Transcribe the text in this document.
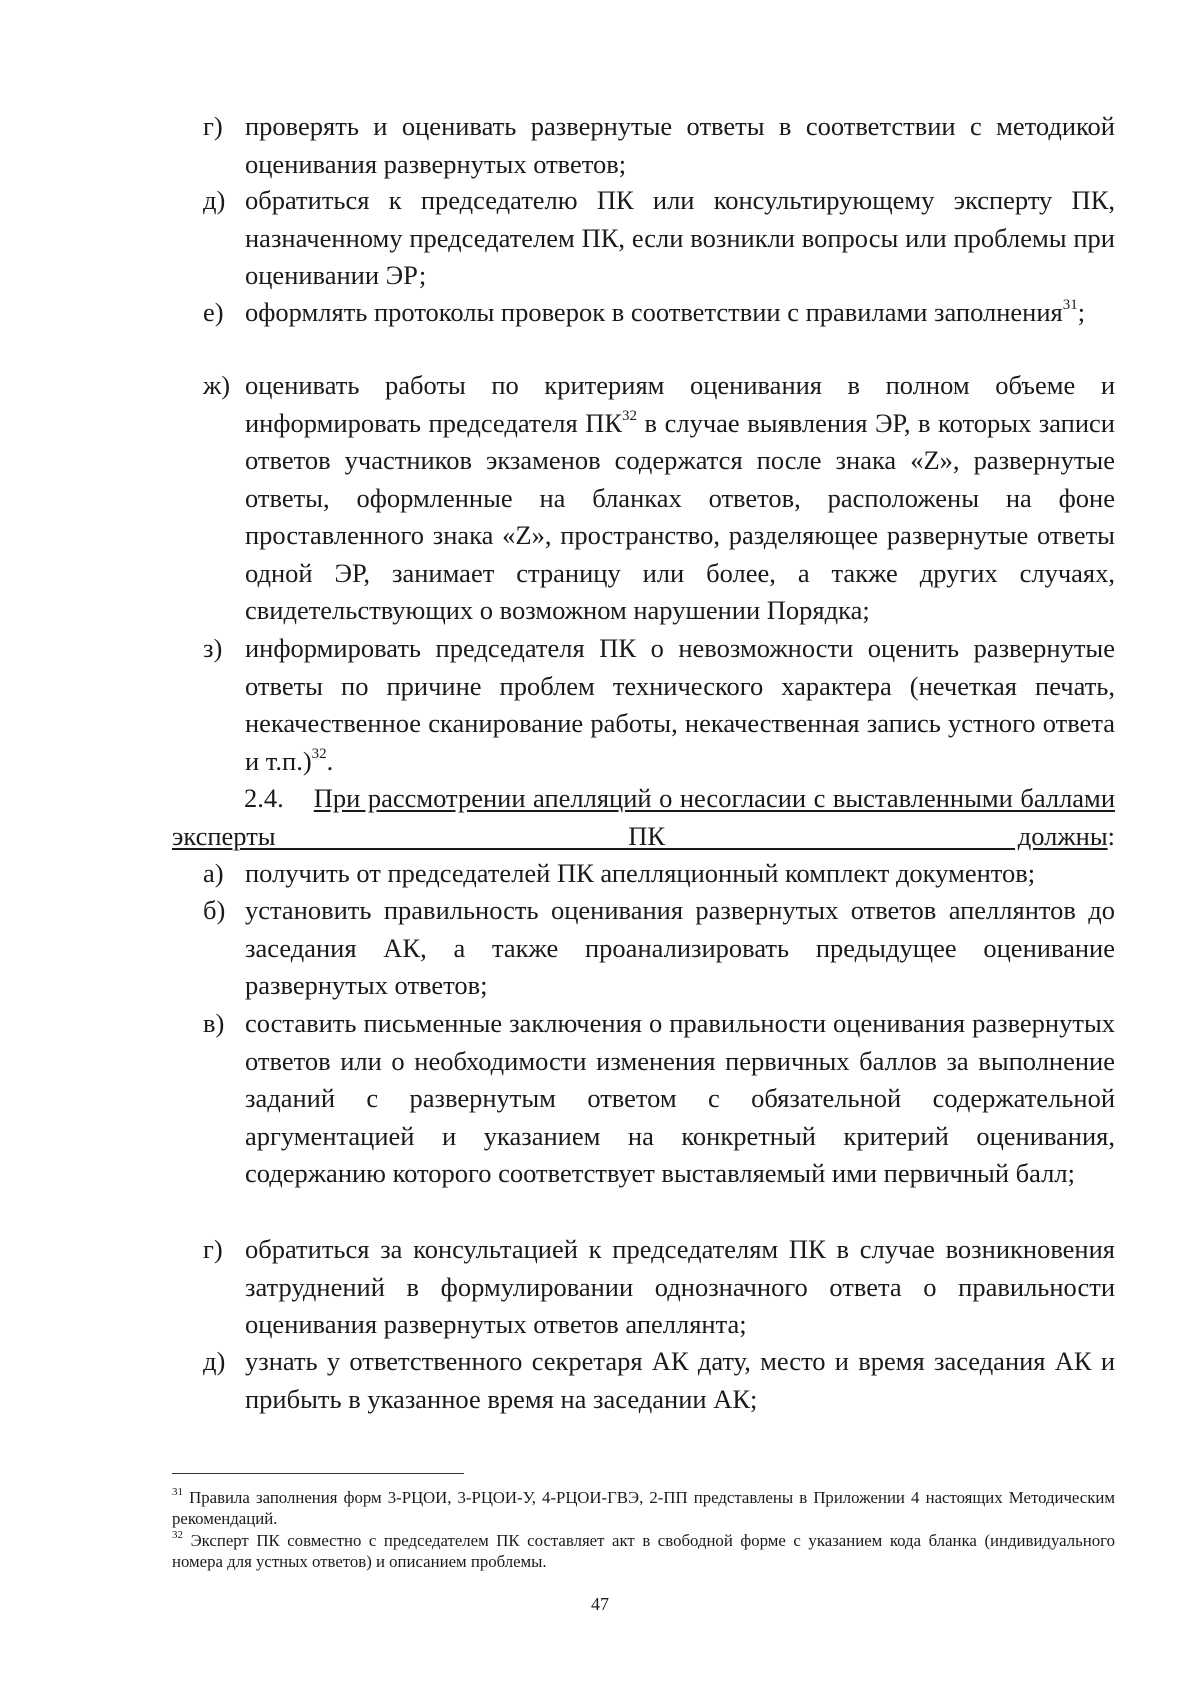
г) проверять и оценивать развернутые ответы в соответствии с методикой оценивания развернутых ответов;
д) обратиться к председателю ПК или консультирующему эксперту ПК, назначенному председателем ПК, если возникли вопросы или проблемы при оценивании ЭР;
е) оформлять протоколы проверок в соответствии с правилами заполнения$^{31}$;
ж) оценивать работы по критериям оценивания в полном объеме и информировать председателя ПК$^{32}$ в случае выявления ЭР, в которых записи ответов участников экзаменов содержатся после знака «Z», развернутые ответы, оформленные на бланках ответов, расположены на фоне проставленного знака «Z», пространство, разделяющее развернутые ответы одной ЭР, занимает страницу или более, а также других случаях, свидетельствующих о возможном нарушении Порядка;
з) информировать председателя ПК о невозможности оценить развернутые ответы по причине проблем технического характера (нечеткая печать, некачественное сканирование работы, некачественная запись устного ответа и т.п.)$^{32}$.
2.4. При рассмотрении апелляций о несогласии с выставленными баллами эксперты ПК должны:
а) получить от председателей ПК апелляционный комплект документов;
б) установить правильность оценивания развернутых ответов апеллянтов до заседания АК, а также проанализировать предыдущее оценивание развернутых ответов;
в) составить письменные заключения о правильности оценивания развернутых ответов или о необходимости изменения первичных баллов за выполнение заданий с развернутым ответом с обязательной содержательной аргументацией и указанием на конкретный критерий оценивания, содержанию которого соответствует выставляемый ими первичный балл;
г) обратиться за консультацией к председателям ПК в случае возникновения затруднений в формулировании однозначного ответа о правильности оценивания развернутых ответов апеллянта;
д) узнать у ответственного секретаря АК дату, место и время заседания АК и прибыть в указанное время на заседании АК;
$^{31}$ Правила заполнения форм 3-РЦОИ, 3-РЦОИ-У, 4-РЦОИ-ГВЭ, 2-ПП представлены в Приложении 4 настоящих Методическим рекомендаций.
$^{32}$ Эксперт ПК совместно с председателем ПК составляет акт в свободной форме с указанием кода бланка (индивидуального номера для устных ответов) и описанием проблемы.
47
